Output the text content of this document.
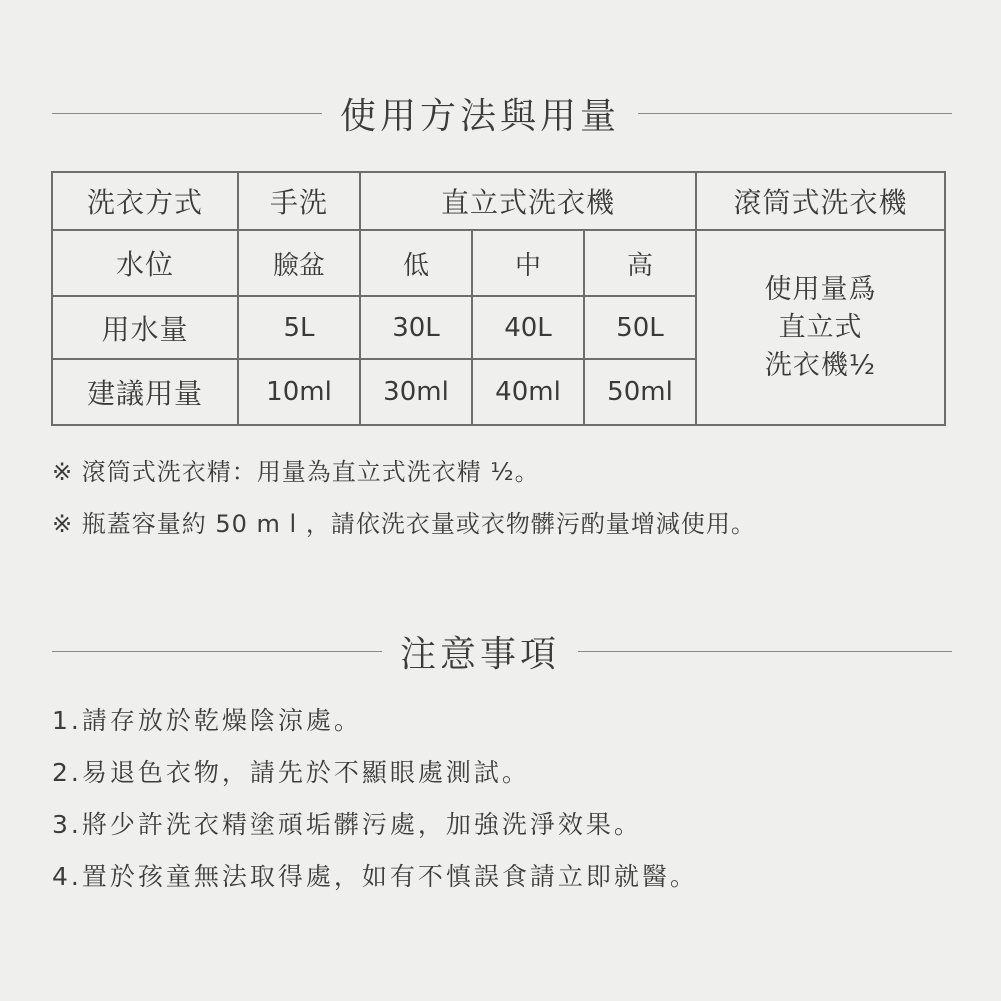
使用方法與用量
洗衣方式	手洗	直立式洗衣機			滾筒式洗衣機
水位	臉盆	低	中	高	使用量爲
直立式
洗衣機½

用水量	5L	30L	40L	50L	
建議用量	10ml	30ml	40ml	50ml	
※ 滾筒式洗衣精：用量為直立式洗衣精 ½。
※ 瓶蓋容量約 50 m l ，請依洗衣量或衣物髒污酌量增減使用。
注意事項
1.請存放於乾燥陰涼處。
2.易退色衣物，請先於不顯眼處測試。
3.將少許洗衣精塗頑垢髒污處，加強洗淨效果。
4.置於孩童無法取得處，如有不慎誤食請立即就醫。
